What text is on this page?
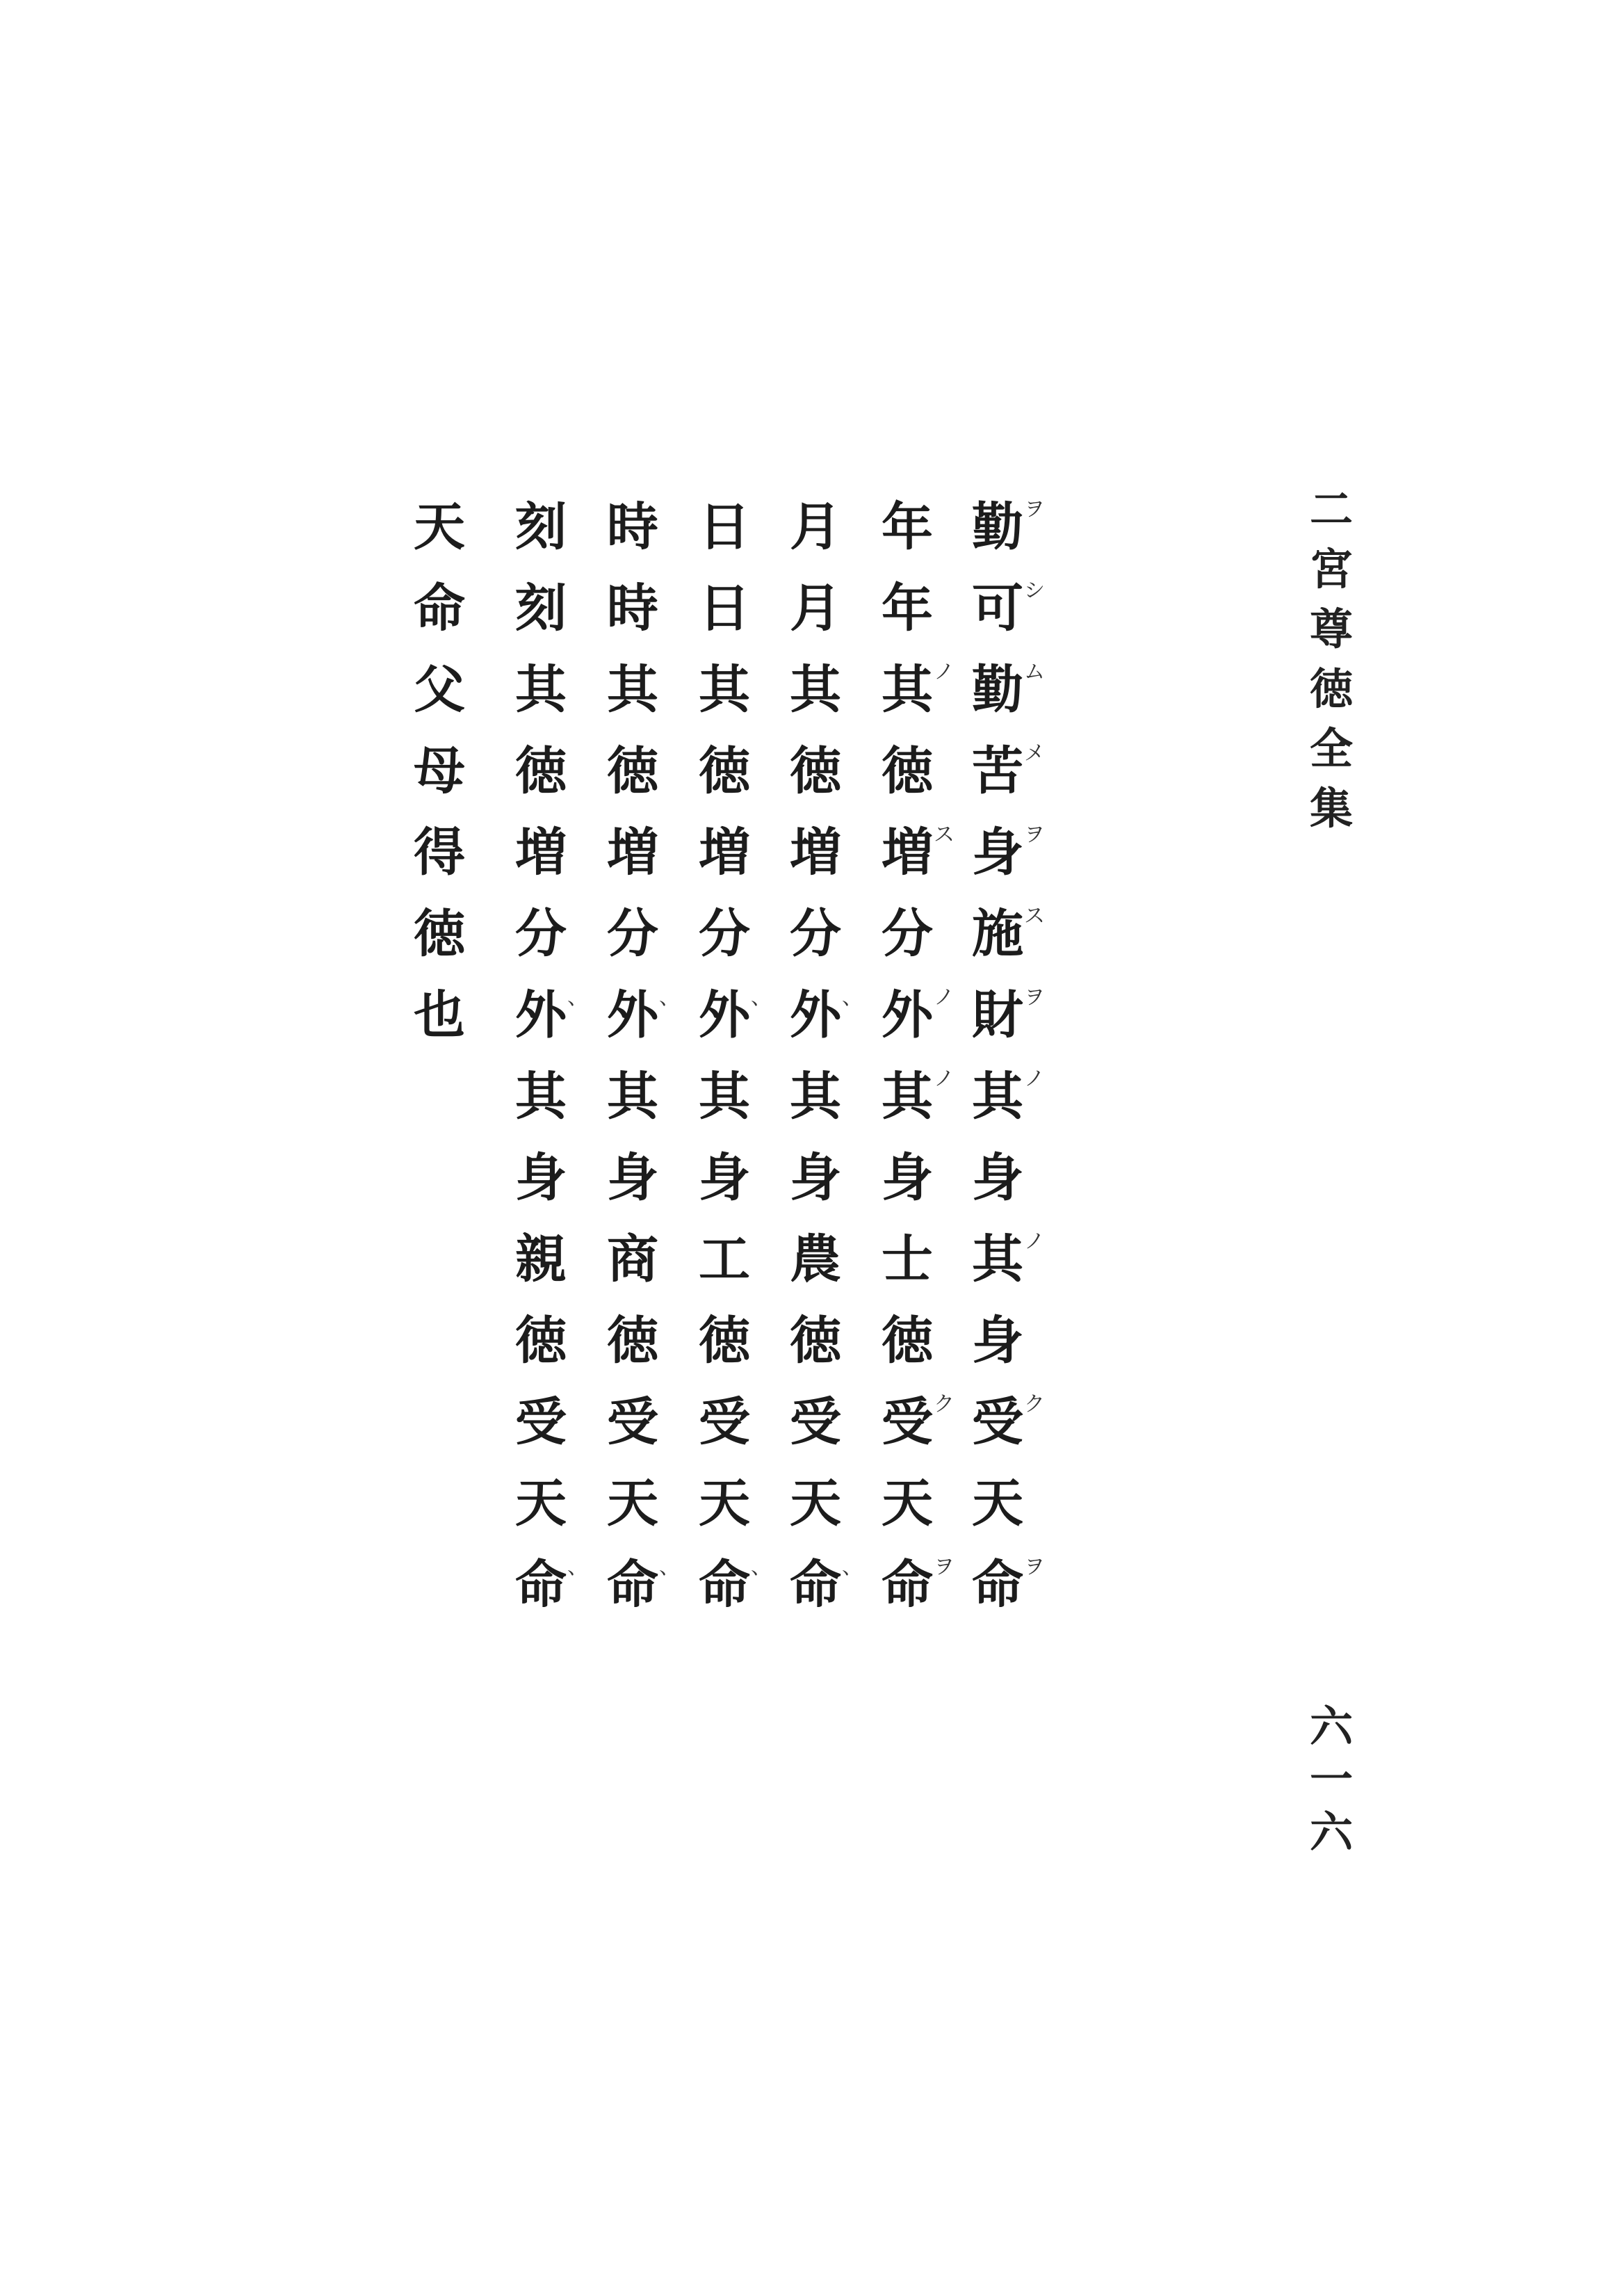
二
宮
尊
徳
全
集
六
一
六
勤 ヲ
可 シ
勤 ム
苦 メ
身 ヲ
施 ス
財 ヲ
其 ノ
身
其 ノ
身
受 ク
天
命 ヲ
年
年
其 ノ
徳
増 ス
分
外 ノ
其 ノ
身
士
徳
受 ク
天
命 ヲ
月
月
其
徳
増
分
外 、
其
身
農
徳
受
天
命 、
日
日
其
徳
増
分
外 、
其
身
工
徳
受
天
命 、
時
時
其
徳
増
分
外 、
其
身
商
徳
受
天
命 、
刻
刻
其
徳
増
分
外 、
其
身
親
徳
受
天
命 、
天
命
父
母
得
徳
也
